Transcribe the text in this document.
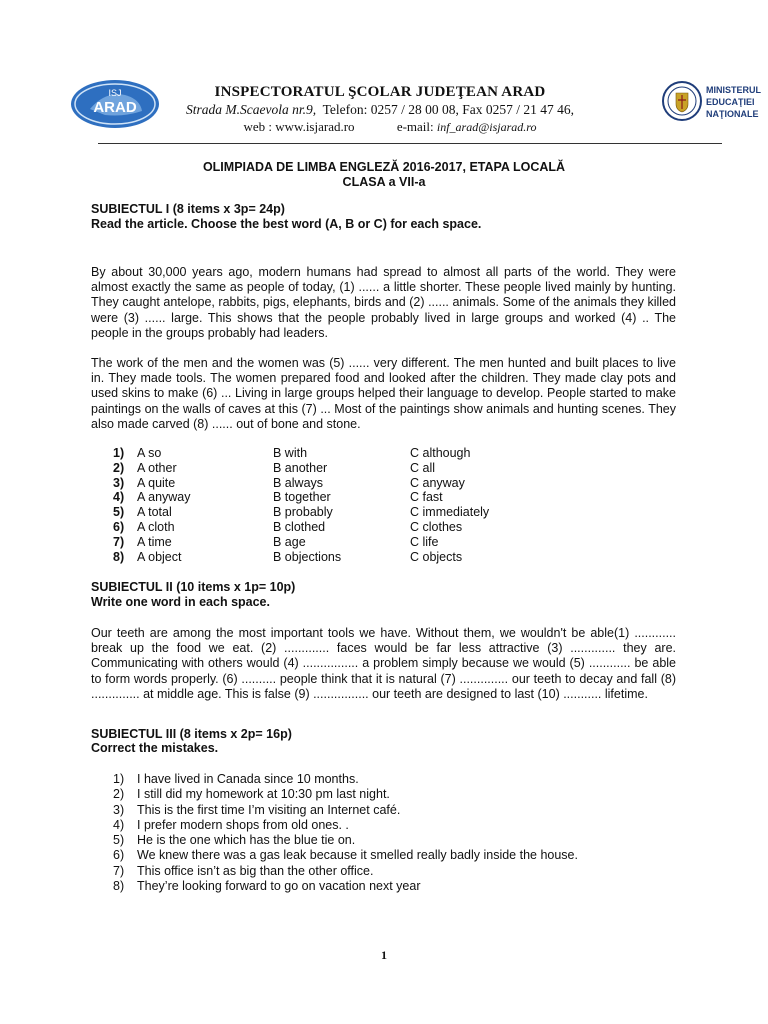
ISJ
ARAD
MINISTERUL
EDUCAŢIEI
NAŢIONALE
INSPECTORATUL ŞCOLAR JUDEŢEAN ARAD
Strada M.Scaevola nr.9, Telefon: 0257 / 28 00 08, Fax 0257 / 21 47 46,
web : www.isjarad.ro	e-mail: inf_arad@isjarad.ro
OLIMPIADA DE LIMBA ENGLEZĂ 2016-2017, ETAPA LOCALĂ
CLASA a VII-a
SUBIECTUL I (8 items x 3p= 24p)
Read the article. Choose the best word (A, B or C) for each space.

By about 30,000 years ago, modern humans had spread to almost all parts of the world. They were almost exactly the same as people of today, (1) ...... a little shorter. These people lived mainly by hunting. They caught antelope, rabbits, pigs, elephants, birds and (2) ...... animals. Some of the animals they killed were (3) ...... large. This shows that the people probably lived in large groups and worked (4) .. The people in the groups probably had leaders.

The work of the men and the women was (5) ...... very different. The men hunted and built places to live in. They made tools. The women prepared food and looked after the children. They made clay pots and used skins to make (6) ... Living in large groups helped their language to develop. People started to make paintings on the walls of caves at this (7) ... Most of the paintings show animals and hunting scenes. They also made carved (8) ...... out of bone and stone.

1) A so	B with	C although
2) A other	B another	C all
3) A quite	B always	C anyway
4) A anyway	B together	C fast
5) A total	B probably	C immediately
6) A cloth	B clothed	C clothes
7) A time	B age	C life
8) A object	B objections	C objects
SUBIECTUL II (10 items x 1p= 10p)
Write one word in each space.

Our teeth are among the most important tools we have. Without them, we wouldn't be able(1) ............ break up the food we eat. (2) ............. faces would be far less attractive (3) ............. they are. Communicating with others would (4) ................ a problem simply because we would (5) ............ be able to form words properly. (6) .......... people think that it is natural (7) .............. our teeth to decay and fall (8) .............. at middle age. This is false (9) ................ our teeth are designed to last (10) ........... lifetime.

SUBIECTUL III (8 items x 2p= 16p)
Correct the mistakes.
1) I have lived in Canada since 10 months.
2) I still did my homework at 10:30 pm last night.
3) This is the first time I’m visiting an Internet café.
4) I prefer modern shops from old ones. .
5) He is the one which has the blue tie on.
6) We knew there was a gas leak because it smelled really badly inside the house.
7) This office isn’t as big than the other office.
8) They’re looking forward to go on vacation next year
1
